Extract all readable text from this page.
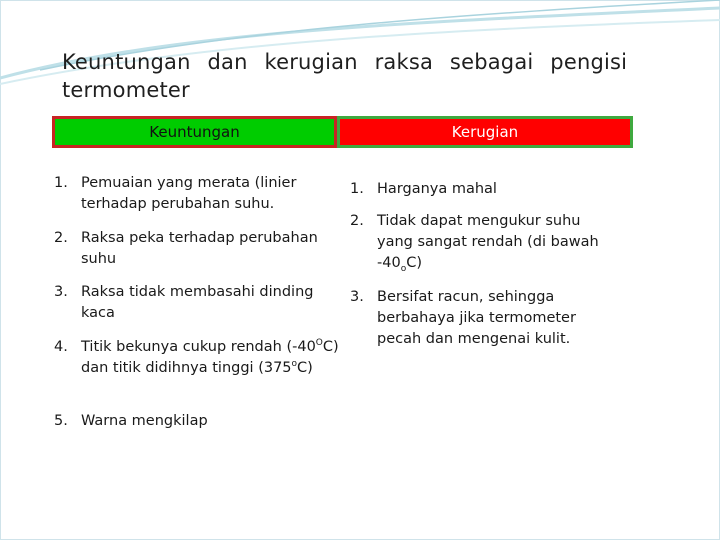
Keuntungan dan kerugian raksa sebagai pengisi termometer
Keuntungan	Kerugian
1. Pemuaian yang merata (linier terhadap perubahan suhu.
2. Raksa peka terhadap perubahan suhu
3. Raksa tidak membasahi dinding kaca
4. Titik bekunya cukup rendah $(-40^OC)$ dan titik didihnya tinggi (375$^o$C)
5. Warna mengkilap
1. Harganya mahal
2. Tidak dapat mengukur suhu yang sangat rendah (di bawah $-40_oC$)
3. Bersifat racun, sehingga berbahaya jika termometer pecah dan mengenai kulit.
